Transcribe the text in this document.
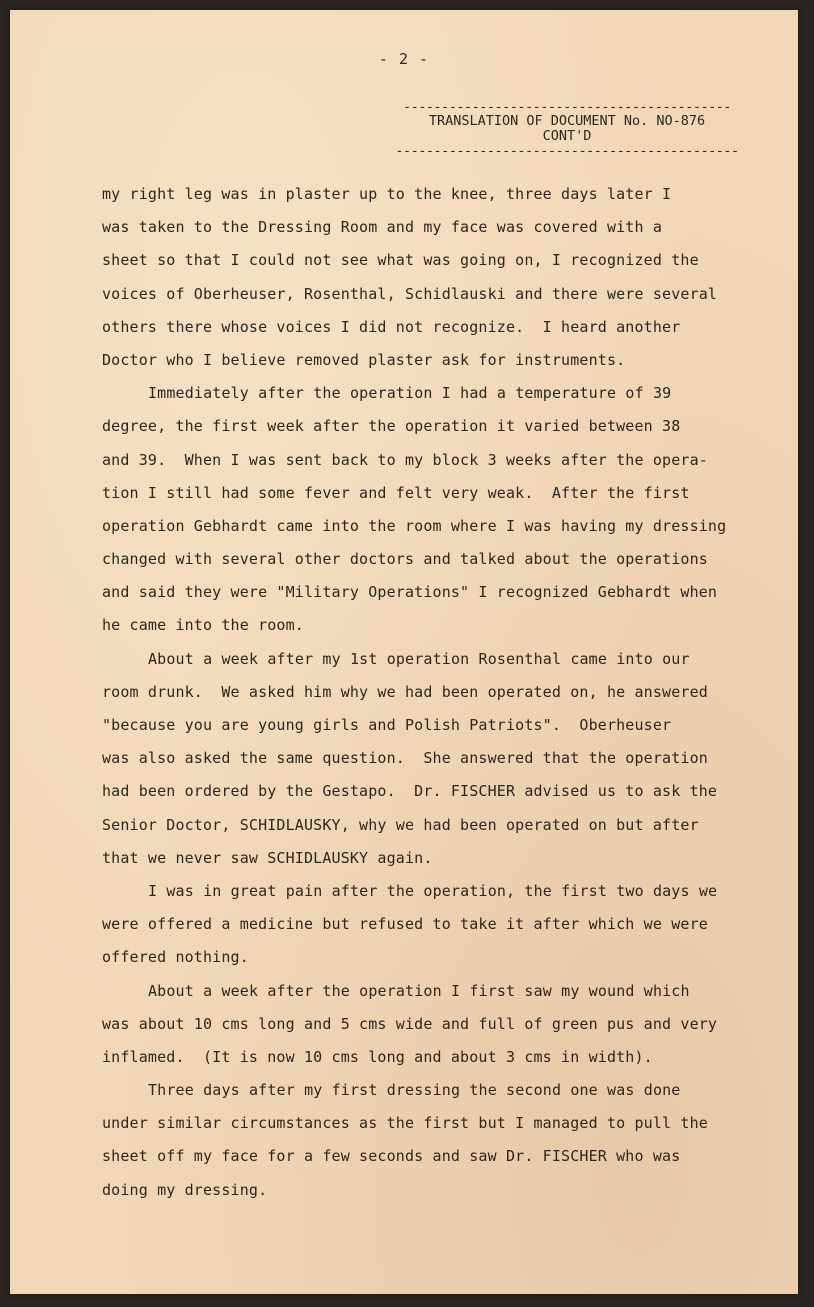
- 2 -
-------------------------------------------
TRANSLATION OF DOCUMENT No. NO-876
CONT'D
---------------------------------------------
my right leg was in plaster up to the knee, three days later I
was taken to the Dressing Room and my face was covered with a
sheet so that I could not see what was going on, I recognized the
voices of Oberheuser, Rosenthal, Schidlauski and there were several
others there whose voices I did not recognize.  I heard another
Doctor who I believe removed plaster ask for instruments.
Immediately after the operation I had a temperature of 39
degree, the first week after the operation it varied between 38
and 39.  When I was sent back to my block 3 weeks after the opera-
tion I still had some fever and felt very weak.  After the first
operation Gebhardt came into the room where I was having my dressing
changed with several other doctors and talked about the operations
and said they were "Military Operations" I recognized Gebhardt when
he came into the room.
About a week after my 1st operation Rosenthal came into our
room drunk.  We asked him why we had been operated on, he answered
"because you are young girls and Polish Patriots".  Oberheuser
was also asked the same question.  She answered that the operation
had been ordered by the Gestapo.  Dr. FISCHER advised us to ask the
Senior Doctor, SCHIDLAUSKY, why we had been operated on but after
that we never saw SCHIDLAUSKY again.
I was in great pain after the operation, the first two days we
were offered a medicine but refused to take it after which we were
offered nothing.
About a week after the operation I first saw my wound which
was about 10 cms long and 5 cms wide and full of green pus and very
inflamed.  (It is now 10 cms long and about 3 cms in width).
Three days after my first dressing the second one was done
under similar circumstances as the first but I managed to pull the
sheet off my face for a few seconds and saw Dr. FISCHER who was
doing my dressing.
